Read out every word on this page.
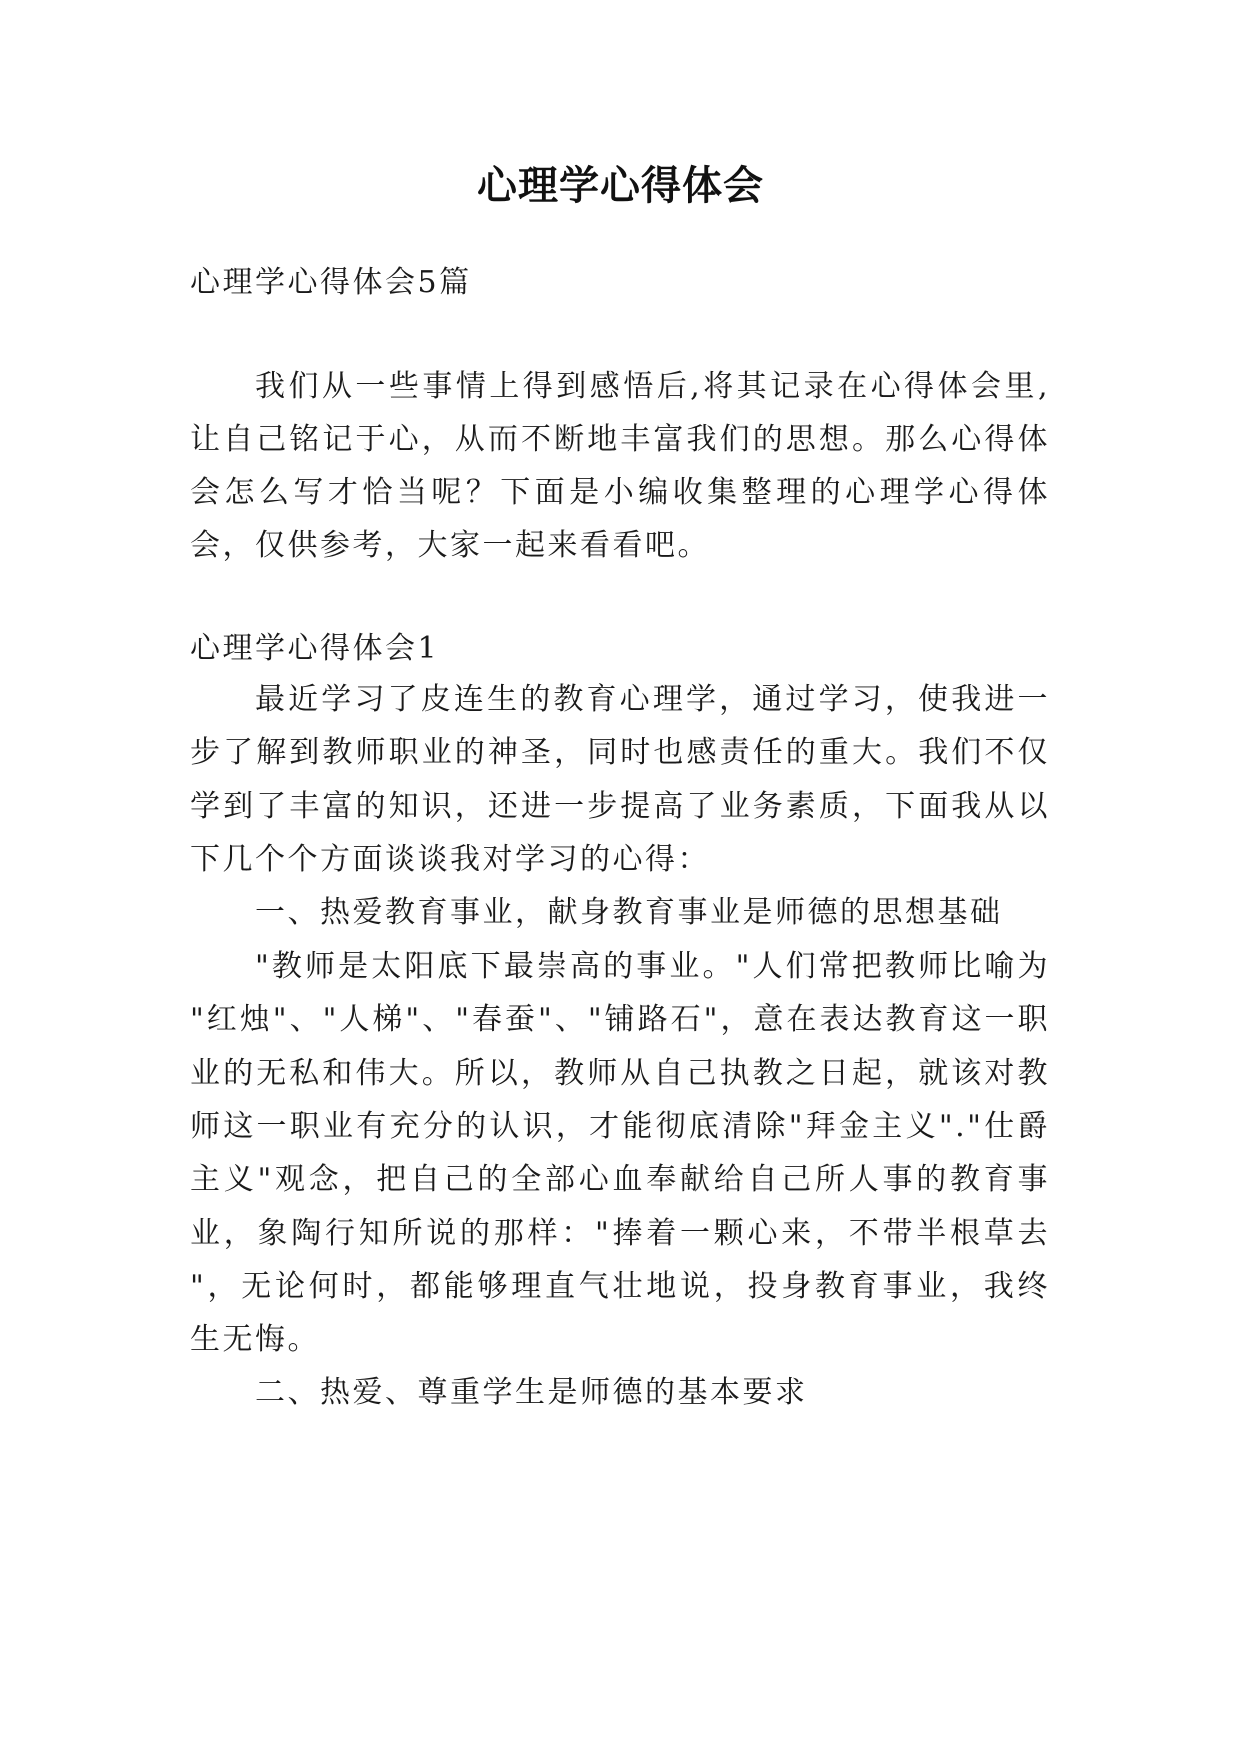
心理学心得体会
心理学心得体会5篇
我们从一些事情上得到感悟后,将其记录在心得体会里,
让自己铭记于心，从而不断地丰富我们的思想。那么心得体
会怎么写才恰当呢？下面是小编收集整理的心理学心得体
会，仅供参考，大家一起来看看吧。
心理学心得体会1
最近学习了皮连生的教育心理学，通过学习，使我进一
步了解到教师职业的神圣，同时也感责任的重大。我们不仅
学到了丰富的知识，还进一步提高了业务素质，下面我从以
下几个个方面谈谈我对学习的心得：
一、热爱教育事业，献身教育事业是师德的思想基础
"教师是太阳底下最崇高的事业。"人们常把教师比喻为
"红烛"、"人梯"、"春蚕"、"铺路石"，意在表达教育这一职
业的无私和伟大。所以，教师从自己执教之日起，就该对教
师这一职业有充分的认识，才能彻底清除"拜金主义"."仕爵
主义"观念，把自己的全部心血奉献给自己所人事的教育事
业，象陶行知所说的那样："捧着一颗心来，不带半根草去
"，无论何时，都能够理直气壮地说，投身教育事业，我终
生无悔。
二、热爱、尊重学生是师德的基本要求
